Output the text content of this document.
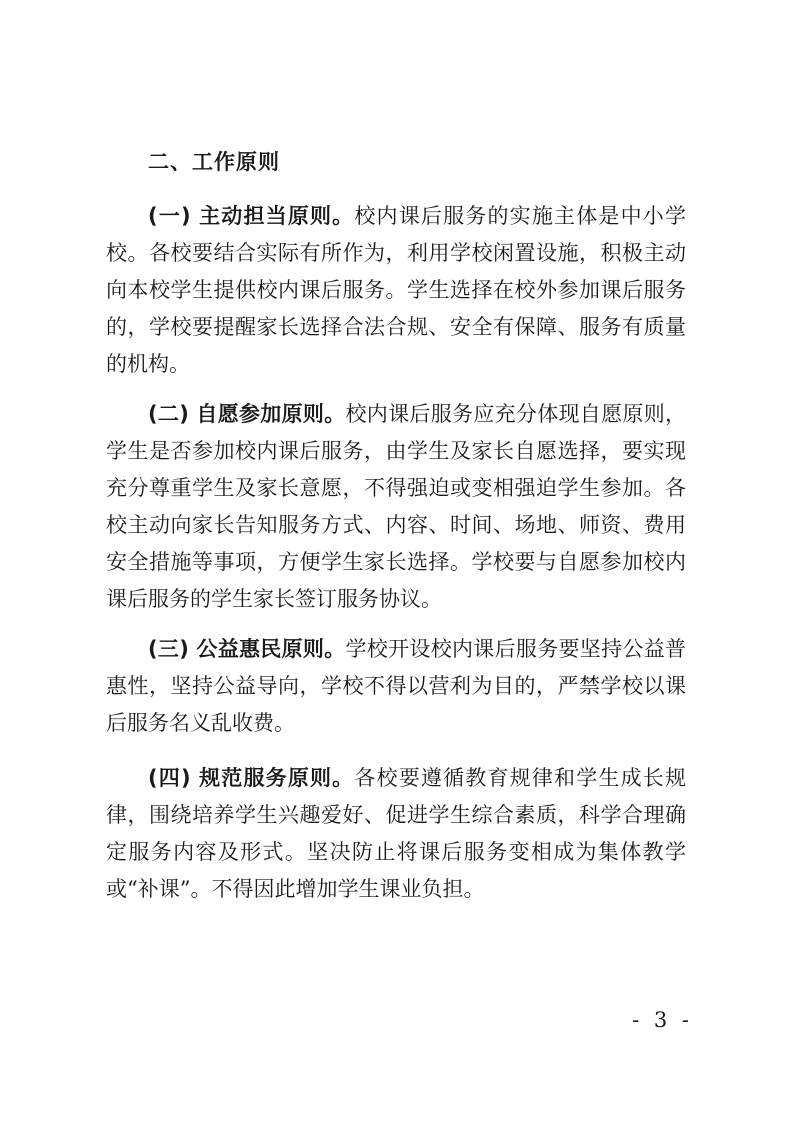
二、工作原则

(一) 主动担当原则。校内课后服务的实施主体是中小学校。各校要结合实际有所作为，利用学校闲置设施，积极主动向本校学生提供校内课后服务。学生选择在校外参加课后服务的，学校要提醒家长选择合法合规、安全有保障、服务有质量的机构。

(二) 自愿参加原则。校内课后服务应充分体现自愿原则，学生是否参加校内课后服务，由学生及家长自愿选择，要实现充分尊重学生及家长意愿，不得强迫或变相强迫学生参加。各校主动向家长告知服务方式、内容、时间、场地、师资、费用安全措施等事项，方便学生家长选择。学校要与自愿参加校内课后服务的学生家长签订服务协议。

(三) 公益惠民原则。学校开设校内课后服务要坚持公益普惠性，坚持公益导向，学校不得以营利为目的，严禁学校以课后服务名义乱收费。

(四) 规范服务原则。各校要遵循教育规律和学生成长规律，围绕培养学生兴趣爱好、促进学生综合素质，科学合理确定服务内容及形式。坚决防止将课后服务变相成为集体教学或“补课”。不得因此增加学生课业负担。

- 3 -
